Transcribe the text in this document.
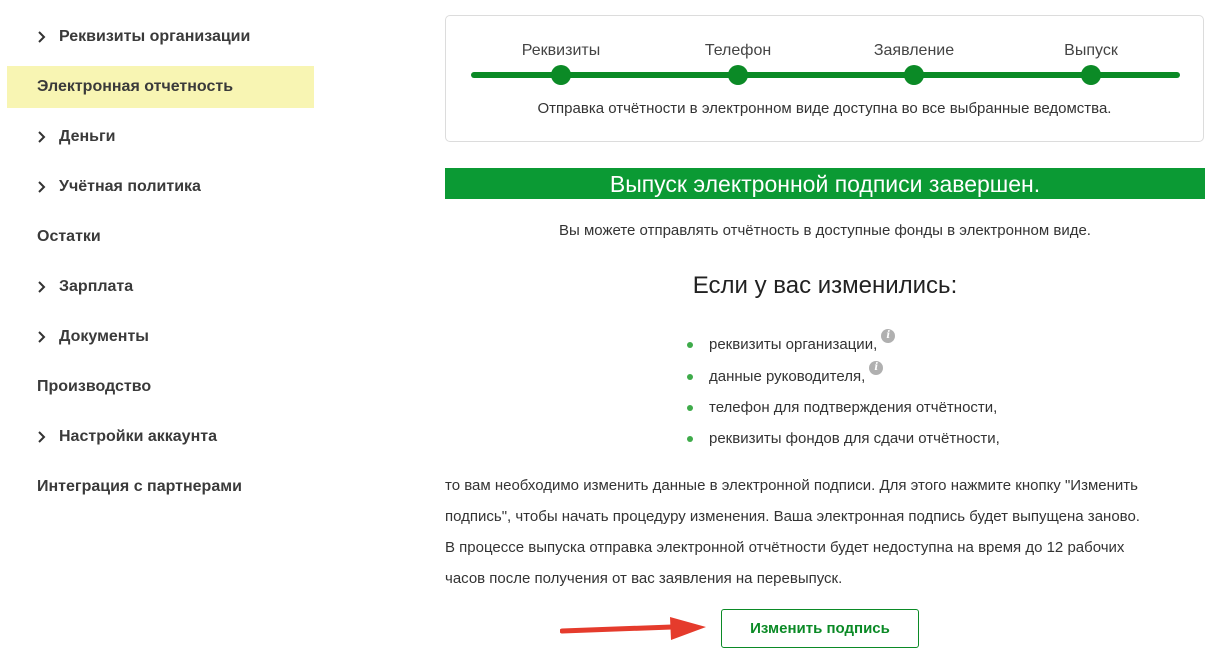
Реквизиты организации
Электронная отчетность
Деньги
Учётная политика
Остатки
Зарплата
Документы
Производство
Настройки аккаунта
Интеграция с партнерами
Реквизиты	Телефон	Заявление	Выпуск
Отправка отчётности в электронном виде доступна во все выбранные ведомства.
Выпуск электронной подписи завершен.
Вы можете отправлять отчётность в доступные фонды в электронном виде.
Если у вас изменились:
реквизиты организации, i
данные руководителя, i
телефон для подтверждения отчётности,
реквизиты фондов для сдачи отчётности,
то вам необходимо изменить данные в электронной подписи. Для этого нажмите кнопку "Изменить
подпись", чтобы начать процедуру изменения. Ваша электронная подпись будет выпущена заново.
В процессе выпуска отправка электронной отчётности будет недоступна на время до 12 рабочих
часов после получения от вас заявления на перевыпуск.
Изменить подпись
